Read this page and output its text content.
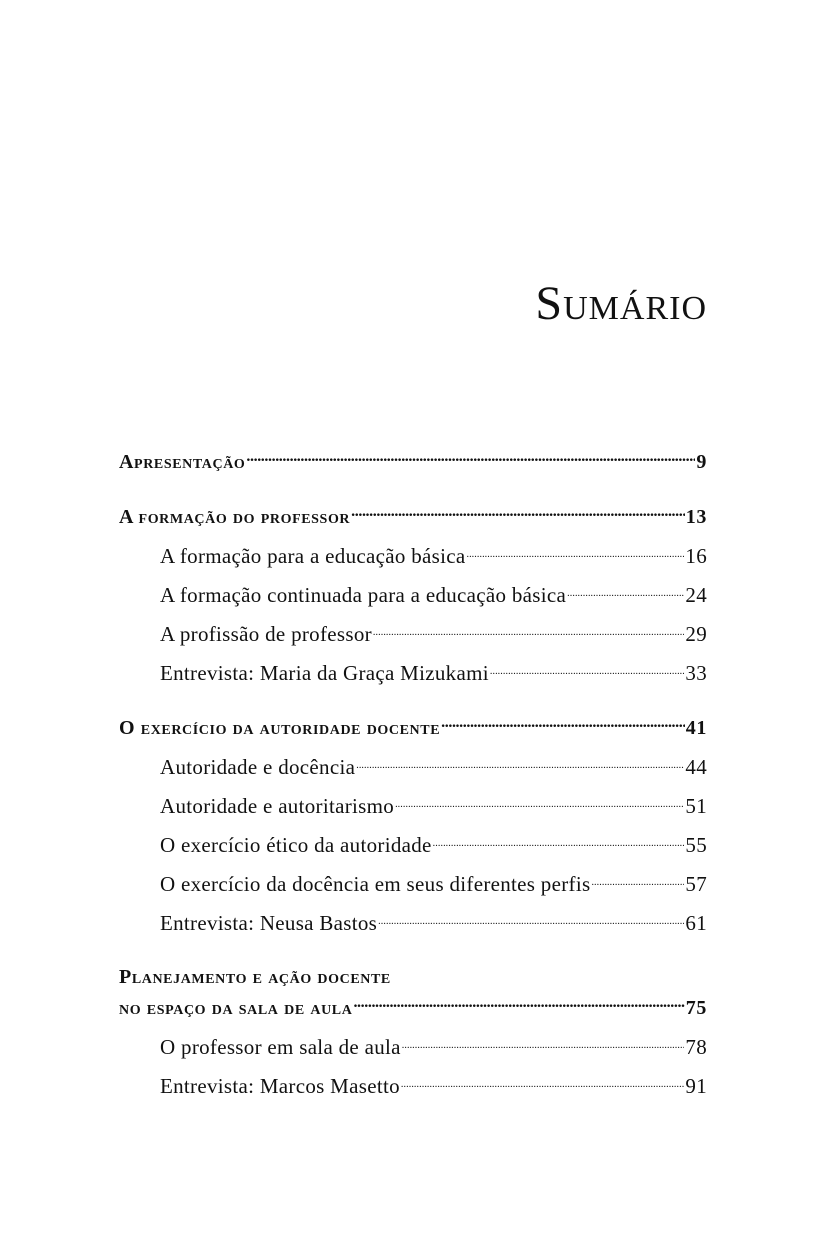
Sumário
Apresentação . . .	9
A formação do professor . . .	13
A formação para a educação básica . . .	16
A formação continuada para a educação básica . . .	24
A profissão de professor . . .	29
Entrevista: Maria da Graça Mizukami . . .	33
O exercício da autoridade docente . . .	41
Autoridade e docência . . .	44
Autoridade e autoritarismo . . .	51
O exercício ético da autoridade . . .	55
O exercício da docência em seus diferentes perfis . . .	57
Entrevista: Neusa Bastos . . .	61
Planejamento e ação docente
no espaço da sala de aula . . .	75
O professor em sala de aula . . .	78
Entrevista: Marcos Masetto . . .	91
